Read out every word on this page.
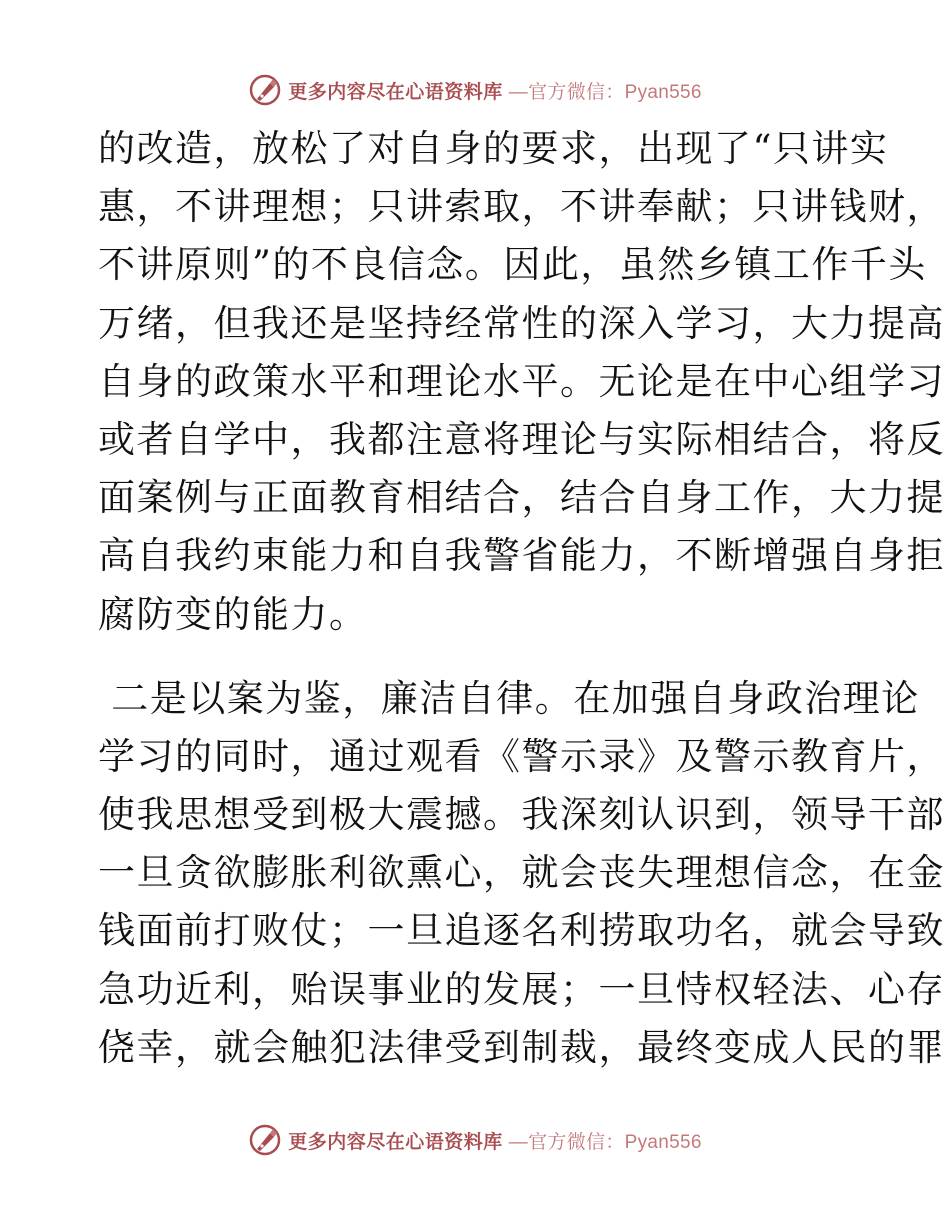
更多内容尽在心语资料库 —官方微信：Pyan556
的改造，放松了对自身的要求，出现了“只讲实
惠，不讲理想；只讲索取，不讲奉献；只讲钱财，
不讲原则”的不良信念。因此，虽然乡镇工作千头
万绪，但我还是坚持经常性的深入学习，大力提高
自身的政策水平和理论水平。无论是在中心组学习
或者自学中，我都注意将理论与实际相结合，将反
面案例与正面教育相结合，结合自身工作，大力提
高自我约束能力和自我警省能力，不断增强自身拒
腐防变的能力。
二是以案为鉴，廉洁自律。在加强自身政治理论
学习的同时，通过观看《警示录》及警示教育片，
使我思想受到极大震撼。我深刻认识到，领导干部
一旦贪欲膨胀利欲熏心，就会丧失理想信念，在金
钱面前打败仗；一旦追逐名利捞取功名，就会导致
急功近利，贻误事业的发展；一旦恃权轻法、心存
侥幸，就会触犯法律受到制裁，最终变成人民的罪
更多内容尽在心语资料库 —官方微信：Pyan556
